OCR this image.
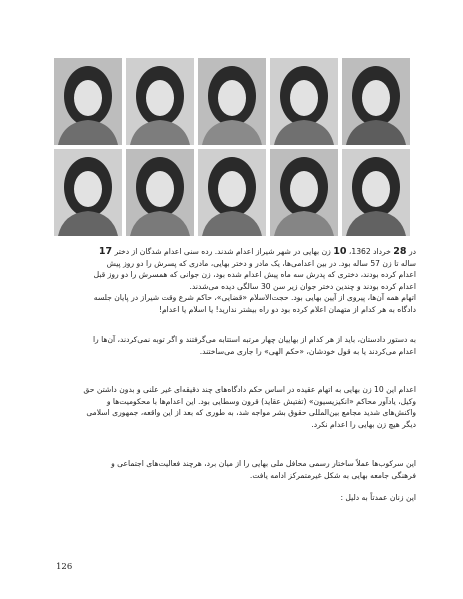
در 28 خرداد 1362، 10 زن بهایی در شهر شیراز اعدام شدند. رده سنی اعدام شدگان از دختر 17

ساله تا زن 57 ساله بود. در بین اعدامی‌ها، یک مادر و دختر بهایی، مادری که پسرش را دو روز پیش

اعدام کرده بودند، دختری که پدرش سه ماه پیش اعدام شده بود، زن جوانی که همسرش را دو روز قبل

اعدام کرده بودند و چندین دختر جوان زیر سن 30 سالگی دیده می‌شدند.

اتهام همه آن‌ها، پیروی از آیین بهایی بود. حجت‌الاسلام «قضایی»، حاکم شرع وقت شیراز در پایان جلسه

دادگاه به هر کدام از متهمان اعلام کرده بود دو راه بیشتر ندارید! یا اسلام یا اعدام!

به دستور دادستان، باید از هر کدام از بهاییان چهار مرتبه استتابه می‌گرفتند و اگر توبه نمی‌کردند، آن‌ها را

اعدام می‌کردند یا به قول خودشان، «حکم الهی» را جاری می‌ساختند.

اعدام این 10 زن بهایی به اتهام عقیده در اساس حکم دادگاه‌های چند دقیقه‌ای غیر علنی و بدون داشتن حق

وکیل، یادآور محاکم «انکیزیسیون» (تفتیش عقاید) قرون وسطایی بود. این اعدام‌ها با محکومیت‌ها و

واکنش‌های شدید مجامع بین‌المللی حقوق بشر مواجه شد، به طوری که بعد از این واقعه، جمهوری اسلامی

دیگر هیچ زن بهایی را اعدام نکرد.

این سرکوب‌ها عملاً ساختار رسمی محافل ملی بهایی را از میان برد، هرچند فعالیت‌های اجتماعی و

فرهنگی جامعه بهایی به شکل غیرمتمرکز ادامه یافت.

این زنان عمدتاً به دلیل :

126
